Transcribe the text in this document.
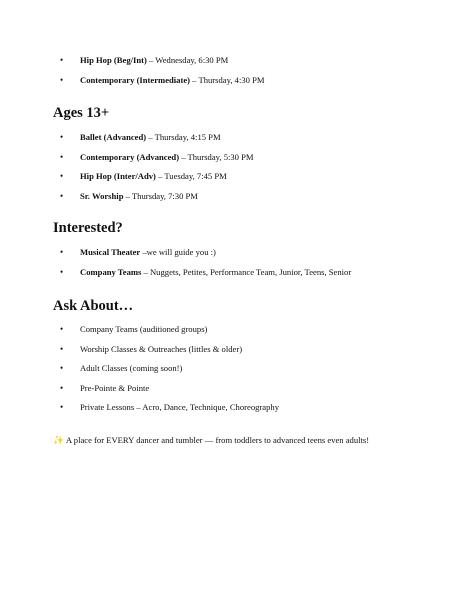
• Hip Hop (Beg/Int) – Wednesday, 6:30 PM
• Contemporary (Intermediate) – Thursday, 4:30 PM
Ages 13+
• Ballet (Advanced) – Thursday, 4:15 PM
• Contemporary (Advanced) – Thursday, 5:30 PM
• Hip Hop (Inter/Adv) – Tuesday, 7:45 PM
• Sr. Worship – Thursday, 7:30 PM
Interested?
• Musical Theater –we will guide you :)
• Company Teams – Nuggets, Petites, Performance Team, Junior, Teens, Senior
Ask About…
• Company Teams (auditioned groups)
• Worship Classes & Outreaches (littles & older)
• Adult Classes (coming soon!)
• Pre-Pointe & Pointe
• Private Lessons – Acro, Dance, Technique, Choreography
✨ A place for EVERY dancer and tumbler — from toddlers to advanced teens even adults!
